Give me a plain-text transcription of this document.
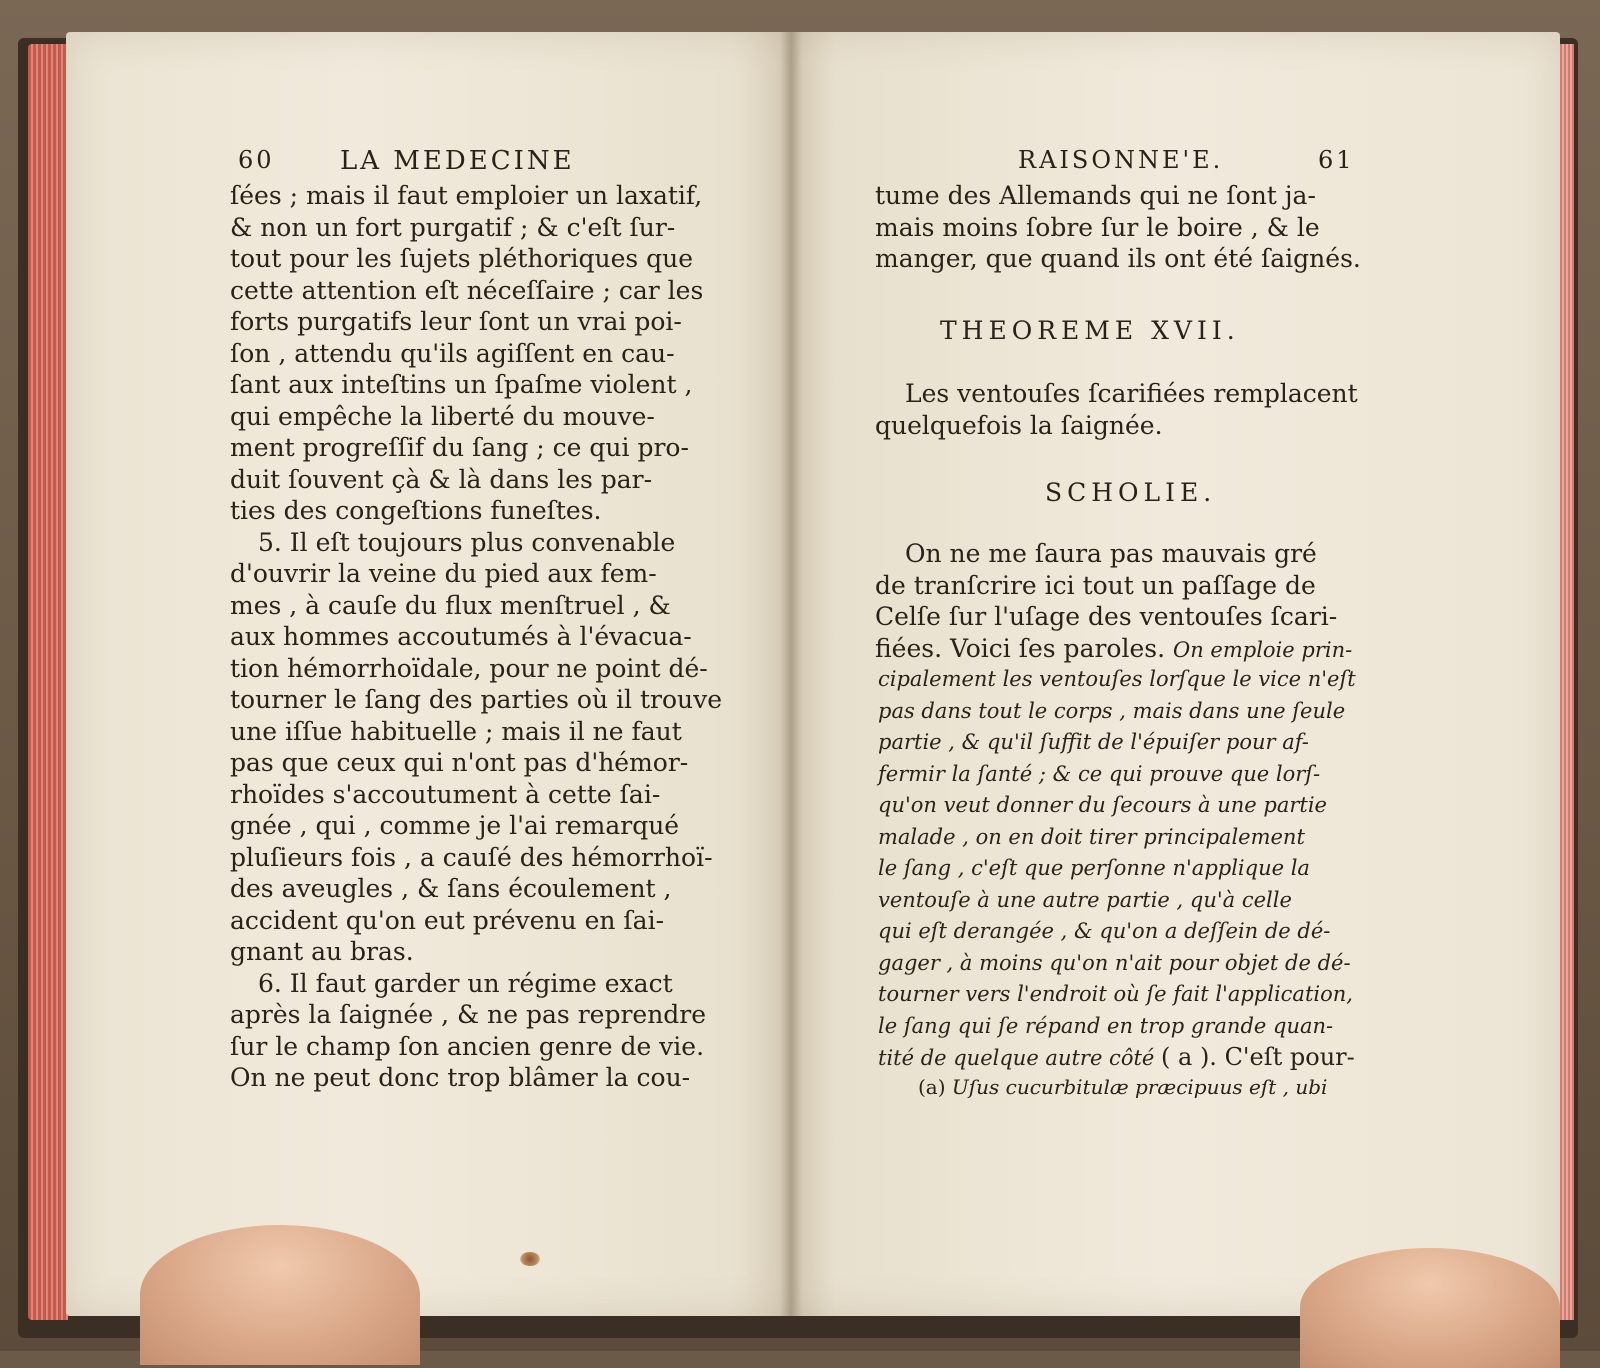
60	LA MEDECINE
ſées ; mais il faut emploier un laxatif,
& non un fort purgatif ; & c'eſt ſur-
tout pour les ſujets pléthoriques que
cette attention eſt néceſſaire ; car les
forts purgatifs leur ſont un vrai poi-
ſon , attendu qu'ils agiſſent en cau-
ſant aux inteſtins un ſpaſme violent ,
qui empêche la liberté du mouve-
ment progreſſif du ſang ; ce qui pro-
duit ſouvent çà & là dans les par-
ties des congeſtions funeſtes.
5. Il eſt toujours plus convenable
d'ouvrir la veine du pied aux fem-
mes , à cauſe du flux menſtruel , &
aux hommes accoutumés à l'évacua-
tion hémorrhoïdale, pour ne point dé-
tourner le ſang des parties où il trouve
une iſſue habituelle ; mais il ne faut
pas que ceux qui n'ont pas d'hémor-
rhoïdes s'accoutument à cette ſai-
gnée , qui , comme je l'ai remarqué
pluſieurs fois , a cauſé des hémorrhoï-
des aveugles , & ſans écoulement ,
accident qu'on eut prévenu en ſai-
gnant au bras.
6. Il faut garder un régime exact
après la ſaignée , & ne pas reprendre
ſur le champ ſon ancien genre de vie.
On ne peut donc trop blâmer la cou-
RAISONNE'E.	61
tume des Allemands qui ne ſont ja-
mais moins ſobre ſur le boire , & le
manger, que quand ils ont été ſaignés.
THEOREME XVII.
Les ventouſes ſcarifiées remplacent
quelquefois la ſaignée.
SCHOLIE.
On ne me ſaura pas mauvais gré
de tranſcrire ici tout un paſſage de
Celſe ſur l'uſage des ventouſes ſcari-
fiées. Voici ſes paroles. On emploie prin-
cipalement les ventouſes lorſque le vice n'eſt
pas dans tout le corps , mais dans une ſeule
partie , & qu'il ſuffit de l'épuiſer pour af-
fermir la ſanté ; & ce qui prouve que lorſ-
qu'on veut donner du ſecours à une partie
malade , on en doit tirer principalement
le ſang , c'eſt que perſonne n'applique la
ventouſe à une autre partie , qu'à celle
qui eſt derangée , & qu'on a deſſein de dé-
gager , à moins qu'on n'ait pour objet de dé-
tourner vers l'endroit où ſe fait l'application,
le ſang qui ſe répand en trop grande quan-
tité de quelque autre côté ( a ). C'eſt pour-
(a) Uſus cucurbitulæ præcipuus eſt , ubi
